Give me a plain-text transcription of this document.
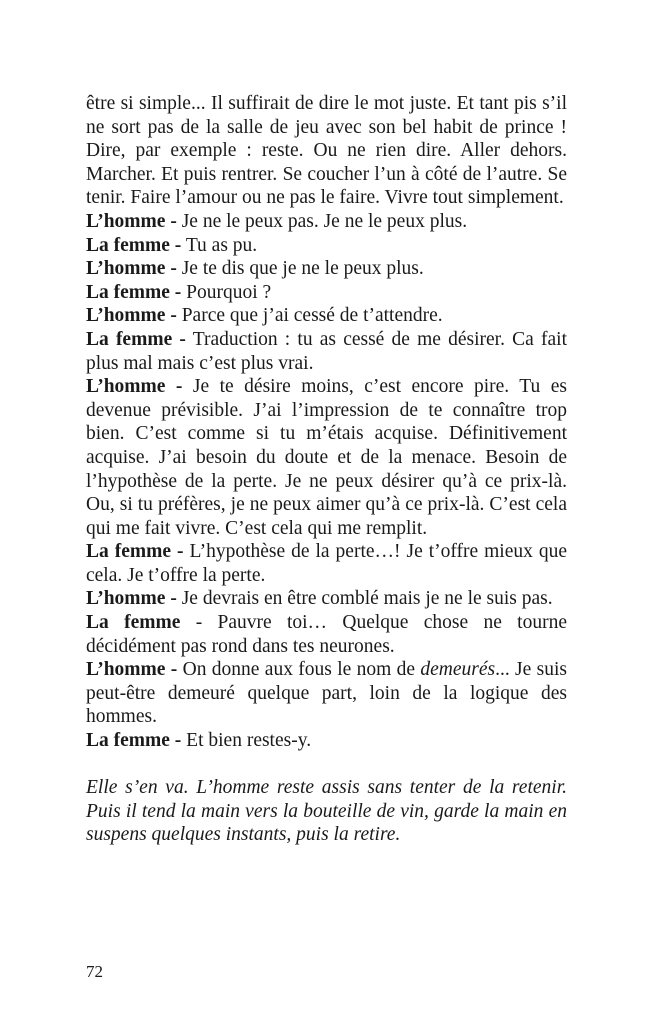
être si simple... Il suffirait de dire le mot juste. Et tant pis s’il ne sort pas de la salle de jeu avec son bel habit de prince ! Dire, par exemple : reste. Ou ne rien dire. Aller dehors. Marcher. Et puis rentrer. Se coucher l’un à côté de l’autre. Se tenir. Faire l’amour ou ne pas le faire. Vivre tout simplement.

L’homme - Je ne le peux pas. Je ne le peux plus.

La femme - Tu as pu.

L’homme - Je te dis que je ne le peux plus.

La femme - Pourquoi ?

L’homme - Parce que j’ai cessé de t’attendre.

La femme - Traduction : tu as cessé de me désirer. Ca fait plus mal mais c’est plus vrai.

L’homme - Je te désire moins, c’est encore pire. Tu es devenue prévisible. J’ai l’impression de te connaître trop bien. C’est comme si tu m’étais acquise. Définitivement acquise. J’ai besoin du doute et de la menace. Besoin de l’hypothèse de la perte. Je ne peux désirer qu’à ce prix-là. Ou, si tu préfères, je ne peux aimer qu’à ce prix-là. C’est cela qui me fait vivre. C’est cela qui me remplit.

La femme - L’hypothèse de la perte…! Je t’offre mieux que cela. Je t’offre la perte.

L’homme - Je devrais en être comblé mais je ne le suis pas.

La femme - Pauvre toi… Quelque chose ne tourne décidément pas rond dans tes neurones.

L’homme - On donne aux fous le nom de demeurés... Je suis peut-être demeuré quelque part, loin de la logique des hommes.

La femme - Et bien restes-y.

Elle s’en va. L’homme reste assis sans tenter de la retenir. Puis il tend la main vers la bouteille de vin, garde la main en suspens quelques instants, puis la retire.

72
